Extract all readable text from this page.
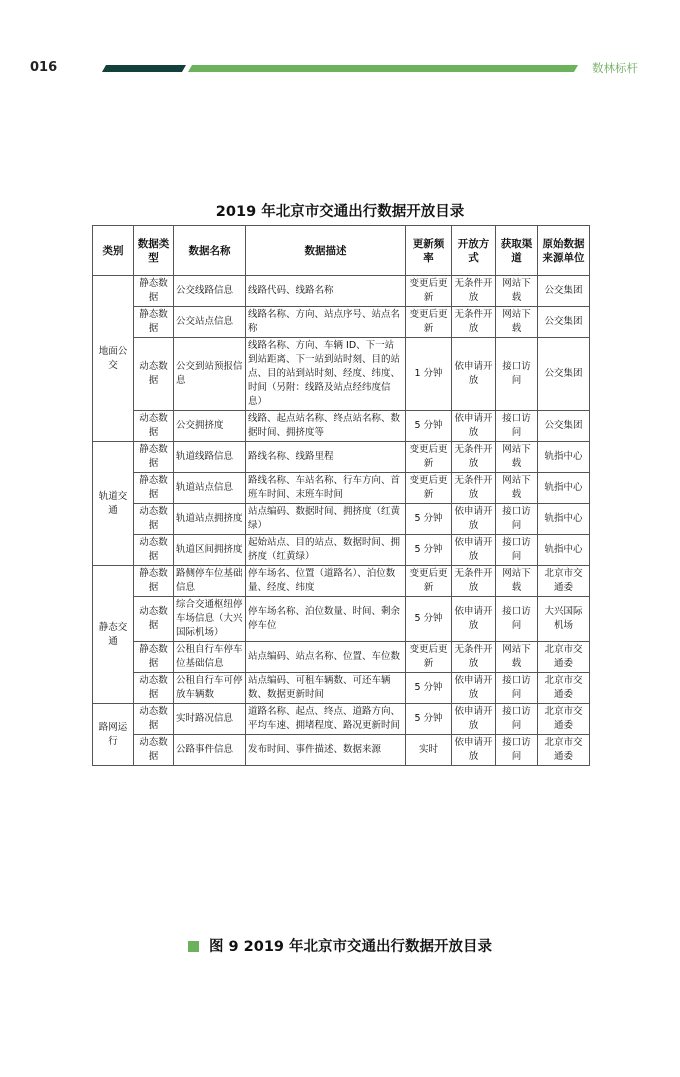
016	数林标杆
2019 年北京市交通出行数据开放目录
类别	数据类型	数据名称	数据描述	更新频率	开放方式	获取渠道	原始数据来源单位
地面公交	静态数据	公交线路信息	线路代码、线路名称	变更后更新	无条件开放	网站下载	公交集团
	静态数据	公交站点信息	线路名称、方向、站点序号、站点名称	变更后更新	无条件开放	网站下载	公交集团
	动态数据	公交到站预报信息	线路名称、方向、车辆 ID、下一站到站距离、下一站到站时刻、目的站点、目的站到站时刻、经度、纬度、时间（另附：线路及站点经纬度信息）	1 分钟	依申请开放	接口访问	公交集团
	动态数据	公交拥挤度	线路、起点站名称、终点站名称、数据时间、拥挤度等	5 分钟	依申请开放	接口访问	公交集团
轨道交通	静态数据	轨道线路信息	路线名称、线路里程	变更后更新	无条件开放	网站下载	轨指中心
	静态数据	轨道站点信息	路线名称、车站名称、行车方向、首班车时间、末班车时间	变更后更新	无条件开放	网站下载	轨指中心
	动态数据	轨道站点拥挤度	站点编码、数据时间、拥挤度（红黄绿）	5 分钟	依申请开放	接口访问	轨指中心
	动态数据	轨道区间拥挤度	起始站点、目的站点、数据时间、拥挤度（红黄绿）	5 分钟	依申请开放	接口访问	轨指中心
静态交通	静态数据	路侧停车位基础信息	停车场名、位置（道路名）、泊位数量、经度、纬度	变更后更新	无条件开放	网站下载	北京市交通委
	动态数据	综合交通枢纽停车场信息（大兴国际机场）	停车场名称、泊位数量、时间、剩余停车位	5 分钟	依申请开放	接口访问	大兴国际机场
	静态数据	公租自行车停车位基础信息	站点编码、站点名称、位置、车位数	变更后更新	无条件开放	网站下载	北京市交通委
	动态数据	公租自行车可停放车辆数	站点编码、可租车辆数、可还车辆数、数据更新时间	5 分钟	依申请开放	接口访问	北京市交通委
路网运行	动态数据	实时路况信息	道路名称、起点、终点、道路方向、平均车速、拥堵程度、路况更新时间	5 分钟	依申请开放	接口访问	北京市交通委
	动态数据	公路事件信息	发布时间、事件描述、数据来源	实时	依申请开放	接口访问	北京市交通委
图 9 2019 年北京市交通出行数据开放目录
